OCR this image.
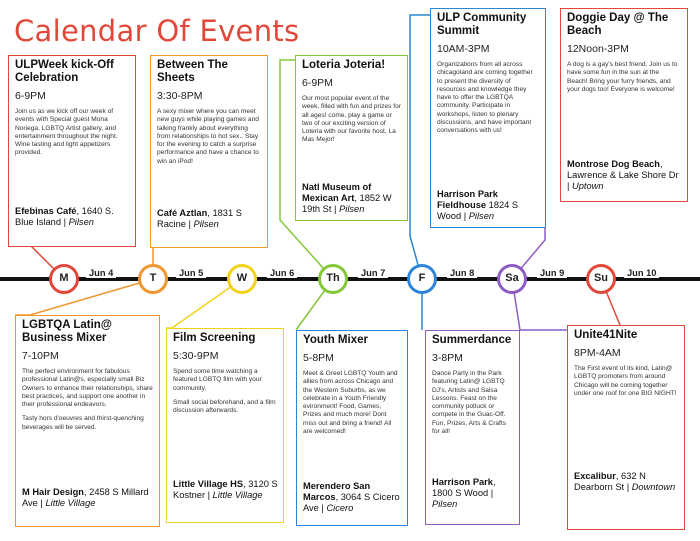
Calendar Of Events
ULPWeek kick-Off Celebration
6-9PM

Join us as we kick off our week of events with Special guest Mona Noriega, LGBTQ Artist gallery, and entertainment throughout the night. Wine tasting and light appetizers provided.

Efebinas Café, 1640 S. Blue Island | Pilsen
Between The Sheets
3:30-8PM

A sexy mixer where you can meet new guys while playing games and talking frankly about everything from relationships to hot sex.. Stay for the evening to catch a surprise performance and have a chance to win an iPod!

Café Aztlan, 1831 S Racine | Pilsen
Loteria Joteria!
6-9PM

Our most popular event of the week, filled with fun and prizes for all ages! come, play a game or two of our exciting version of Loteria with our favorite host, La Mas Mejor!

Natl Museum of Mexican Art, 1852 W 19th St | Pilsen
ULP Community Summit
10AM-3PM

Organizations from all across chicagoland are coming together to present the diversity of resources and knowledge they have to offer the LGBTQA community. Participate in workshops, listen to plenary discussions, and have important conversations with us!

Harrison Park Fieldhouse 1824 S Wood | Pilsen
Doggie Day @ The Beach
12Noon-3PM

A dog is a gay's best friend. Join us to have some fun in the sun at the Beach! Bring your furry friends, and your dogs too! Everyone is welcome!

Montrose Dog Beach, Lawrence & Lake Shore Dr | Uptown
M	Jun 4	T	Jun 5	W	Jun 6	Th	Jun 7	F	Jun 8	Sa	Jun 9	Su	Jun 10
LGBTQA Latin@ Business Mixer
7-10PM

The perfect environment for fabulous professional Latin@s, especially small Biz Owners to enhance their relationships, share best practices, and support one another in their professional endeavors.

Tasty hors d'oeuvres and thirst-quenching beverages will be served.

M Hair Design, 2458 S Millard Ave | Little Village
Film Screening
5:30-9PM

Spend some time watching a featured LGBTQ film with your community.

Small social beforehand, and a film discussion afterwards.

Little Village HS, 3120 S Kostner | Little Village
Youth Mixer
5-8PM

Meet & Greet LGBTQ Youth and allies from across Chicago and the Western Suburbs, as we celebrate in a Youth Friendly evironment! Food, Games, Prizes and much more! Dont miss out and bring a friend! All are welcomed!

Merendero San Marcos, 3064 S Cicero Ave | Cicero
Summerdance
3-8PM

Dance Party in the Park featuring Latin@ LGBTQ DJ's, Artists and Salsa Lessons. Feast on the community potluck or compete in the Guac-Off. Fun, Prizes, Arts & Crafts for all!

Harrison Park, 1800 S Wood | Pilsen
Unite41Nite
8PM-4AM

The First event of its kind, Latin@ LGBTQ promoters from around Chicago will be coming together under one roof for one BIG NIGHT!

Excalibur, 632 N Dearborn St | Downtown
